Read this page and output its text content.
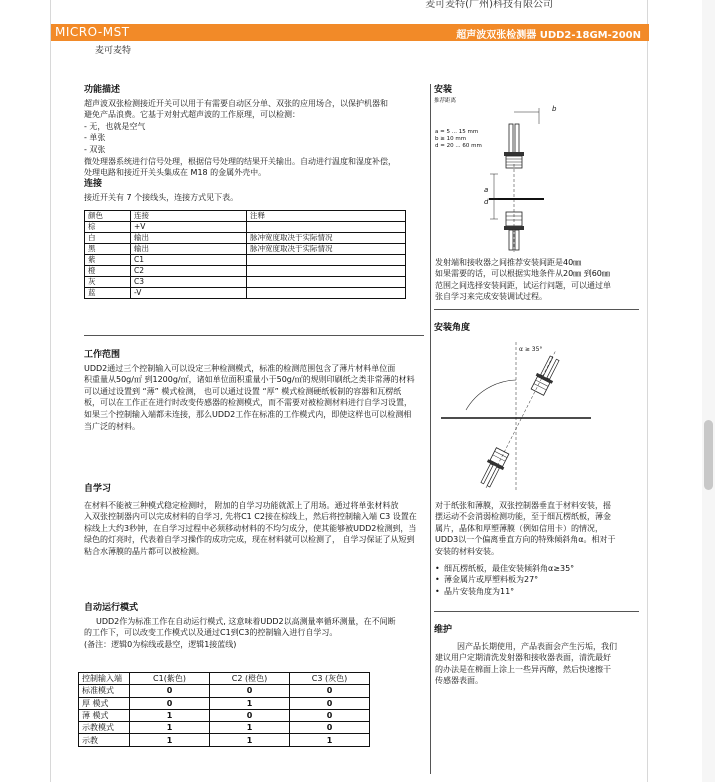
麦可麦特(广州)科技有限公司
MICRO-MST	超声波双张检测器 UDD2-18GM-200N
麦可麦特
功能描述

超声波双张检测接近开关可以用于有需要自动区分单、双张的应用场合，以保护机器和

避免产品浪费。它基于对射式超声波的工作原理，可以检测：

- 无，也就是空气

- 单张

- 双张

微处理器系统进行信号处理，根据信号处理的结果开关输出。自动进行温度和湿度补偿，

处理电路和接近开关头集成在 M18 的金属外壳中。

连接

接近开关有 7 个接线头，连接方式见下表。

颜色	连接	注释
棕	+V	
白	输出	脉冲宽度取决于实际情况
黑	输出	脉冲宽度取决于实际情况
紫	C1	
橙	C2	
灰	C3	
蓝	-V	
工作范围

UDD2通过三个控制输入可以设定三种检测模式，标准的检测范围包含了薄片材料单位面

积重量从50g/㎡ 到1200g/㎡，诸如单位面积重量小于50g/㎡的规则印刷纸之类非常薄的材料

可以通过设置到 “薄” 模式检测， 也可以通过设置 “厚” 模式检测硬纸板制的容器和瓦楞纸

板，可以在工作正在进行时改变传感器的检测模式，而不需要对被检测材料进行自学习设置，

如果三个控制输入端都未连接，那么UDD2工作在标准的工作模式内，即使这样也可以检测相

当广泛的材料。

自学习

在材料不能被三种模式稳定检测时， 附加的自学习功能就派上了用场。通过将单张材料放

入双张控制器内可以完成材料的自学习, 先将C1 C2接在棕线上，然后将控制输入端 C3 设置在

棕线上大约3秒钟，在自学习过程中必须移动材料的不均匀成分，使其能够被UDD2检测到，当

绿色的灯亮时，代表着自学习操作的成功完成，现在材料就可以检测了， 自学习保证了从短到

粘合水薄膜的晶片都可以被检测。

自动运行模式

UDD2作为标准工作在自动运行模式, 这意味着UDD2以高测量率循环测量，在不间断

的工作下，可以改变工作模式以及通过C1到C3的控制输入进行自学习。

(备注：逻辑0为棕线或悬空，逻辑1接蓝线)

控制输入端	C1(紫色)	C2 (橙色)	C3 (灰色)
标准模式	0	0	0
厚 模式	0	1	0
薄 模式	1	0	0
示教模式	1	1	0
示教	1	1	1
安装
推荐距离
b
a
d

a = 5 ... 15 mm

b ≥ 10 mm

d = 20 ... 60 mm

发射端和接收器之间推荐安装间距是40㎜

如果需要的话，可以根据实地条件从20㎜ 到60㎜

范围之间选择安装间距，试运行问题，可以通过单

张自学习来完成安装调试过程。

安装角度
α ≥ 35°

对于纸张和薄膜，双张控制器垂直于材料安装，摇

摆运动不会消弱检测功能，至于细瓦楞纸板，薄金

属片，晶体和厚塑薄膜（例如信用卡）的情况，

UDD3以一个偏离垂直方向的特殊倾斜角α。相对于

安装的材料安装。

• 细瓦楞纸板，最佳安装倾斜角α≥35°
• 薄金属片或厚塑料板为27°
• 晶片安装角度为11°
维护

因产品长期使用，产品表面会产生污垢，我们

建议用户定期清洗发射器和接收器表面，清洗最好

的办法是在棉面上涂上一些异丙醇，然后快速擦干

传感器表面。
